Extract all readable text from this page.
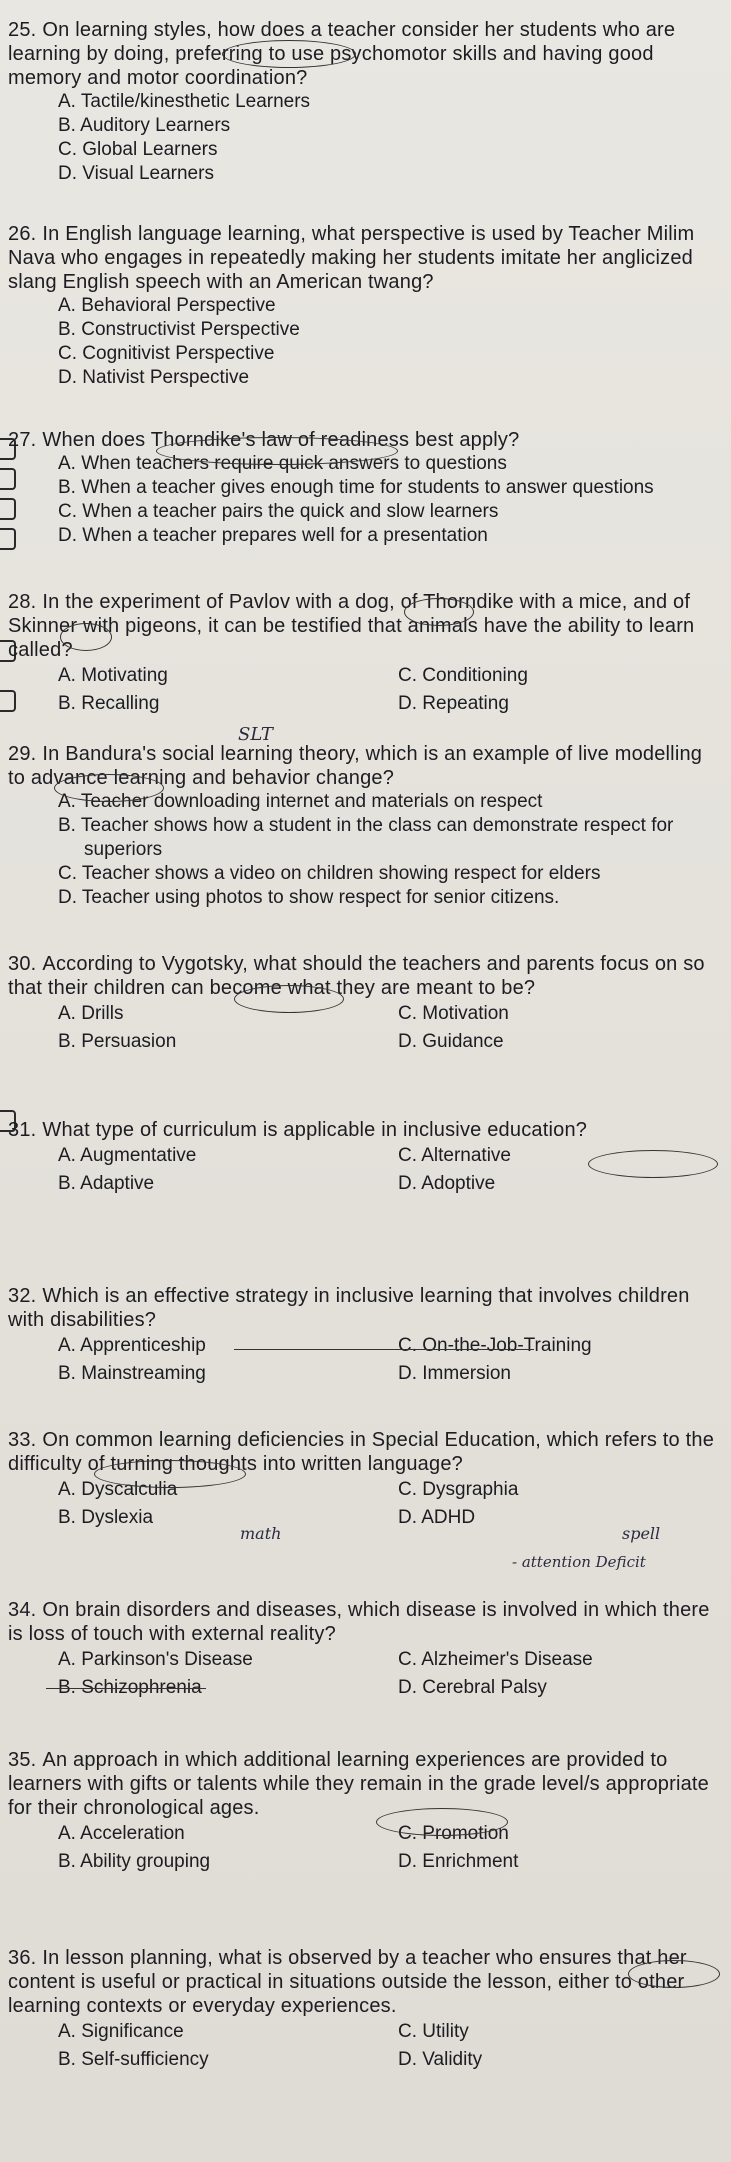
25. On learning styles, how does a teacher consider her students who are learning by doing, preferring to use psychomotor skills and having good memory and motor coordination?
A. Tactile/kinesthetic Learners
B. Auditory Learners
C. Global Learners
D. Visual Learners
26. In English language learning, what perspective is used by Teacher Milim Nava who engages in repeatedly making her students imitate her anglicized slang English speech with an American twang?
A. Behavioral Perspective
B. Constructivist Perspective
C. Cognitivist Perspective
D. Nativist Perspective
27. When does Thorndike's law of readiness best apply?
A. When teachers require quick answers to questions
B. When a teacher gives enough time for students to answer questions
C. When a teacher pairs the quick and slow learners
D. When a teacher prepares well for a presentation
28. In the experiment of Pavlov with a dog, of Thorndike with a mice, and of Skinner with pigeons, it can be testified that animals have the ability to learn called?
A. Motivating	C. Conditioning
B. Recalling	D. Repeating
29. In Bandura's social learning theory, which is an example of live modelling to advance learning and behavior change?
A. Teacher downloading internet and materials on respect
B. Teacher shows how a student in the class can demonstrate respect for superiors
C. Teacher shows a video on children showing respect for elders
D. Teacher using photos to show respect for senior citizens.
30. According to Vygotsky, what should the teachers and parents focus on so that their children can become what they are meant to be?
A. Drills	C. Motivation
B. Persuasion	D. Guidance
31. What type of curriculum is applicable in inclusive education?
A. Augmentative	C. Alternative
B. Adaptive	D. Adoptive
32. Which is an effective strategy in inclusive learning that involves children with disabilities?
A. Apprenticeship	C. On-the-Job-Training
B. Mainstreaming	D. Immersion
33. On common learning deficiencies in Special Education, which refers to the difficulty of turning thoughts into written language?
A. Dyscalculia	C. Dysgraphia
B. Dyslexia	D. ADHD
34. On brain disorders and diseases, which disease is involved in which there is loss of touch with external reality?
A. Parkinson's Disease	C. Alzheimer's Disease
B. Schizophrenia	D. Cerebral Palsy
35. An approach in which additional learning experiences are provided to learners with gifts or talents while they remain in the grade level/s appropriate for their chronological ages.
A. Acceleration	C. Promotion
B. Ability grouping	D. Enrichment
36. In lesson planning, what is observed by a teacher who ensures that her content is useful or practical in situations outside the lesson, either to other learning contexts or everyday experiences.
A. Significance	C. Utility
B. Self-sufficiency	D. Validity
SLT
math	spell
- attention Deficit
